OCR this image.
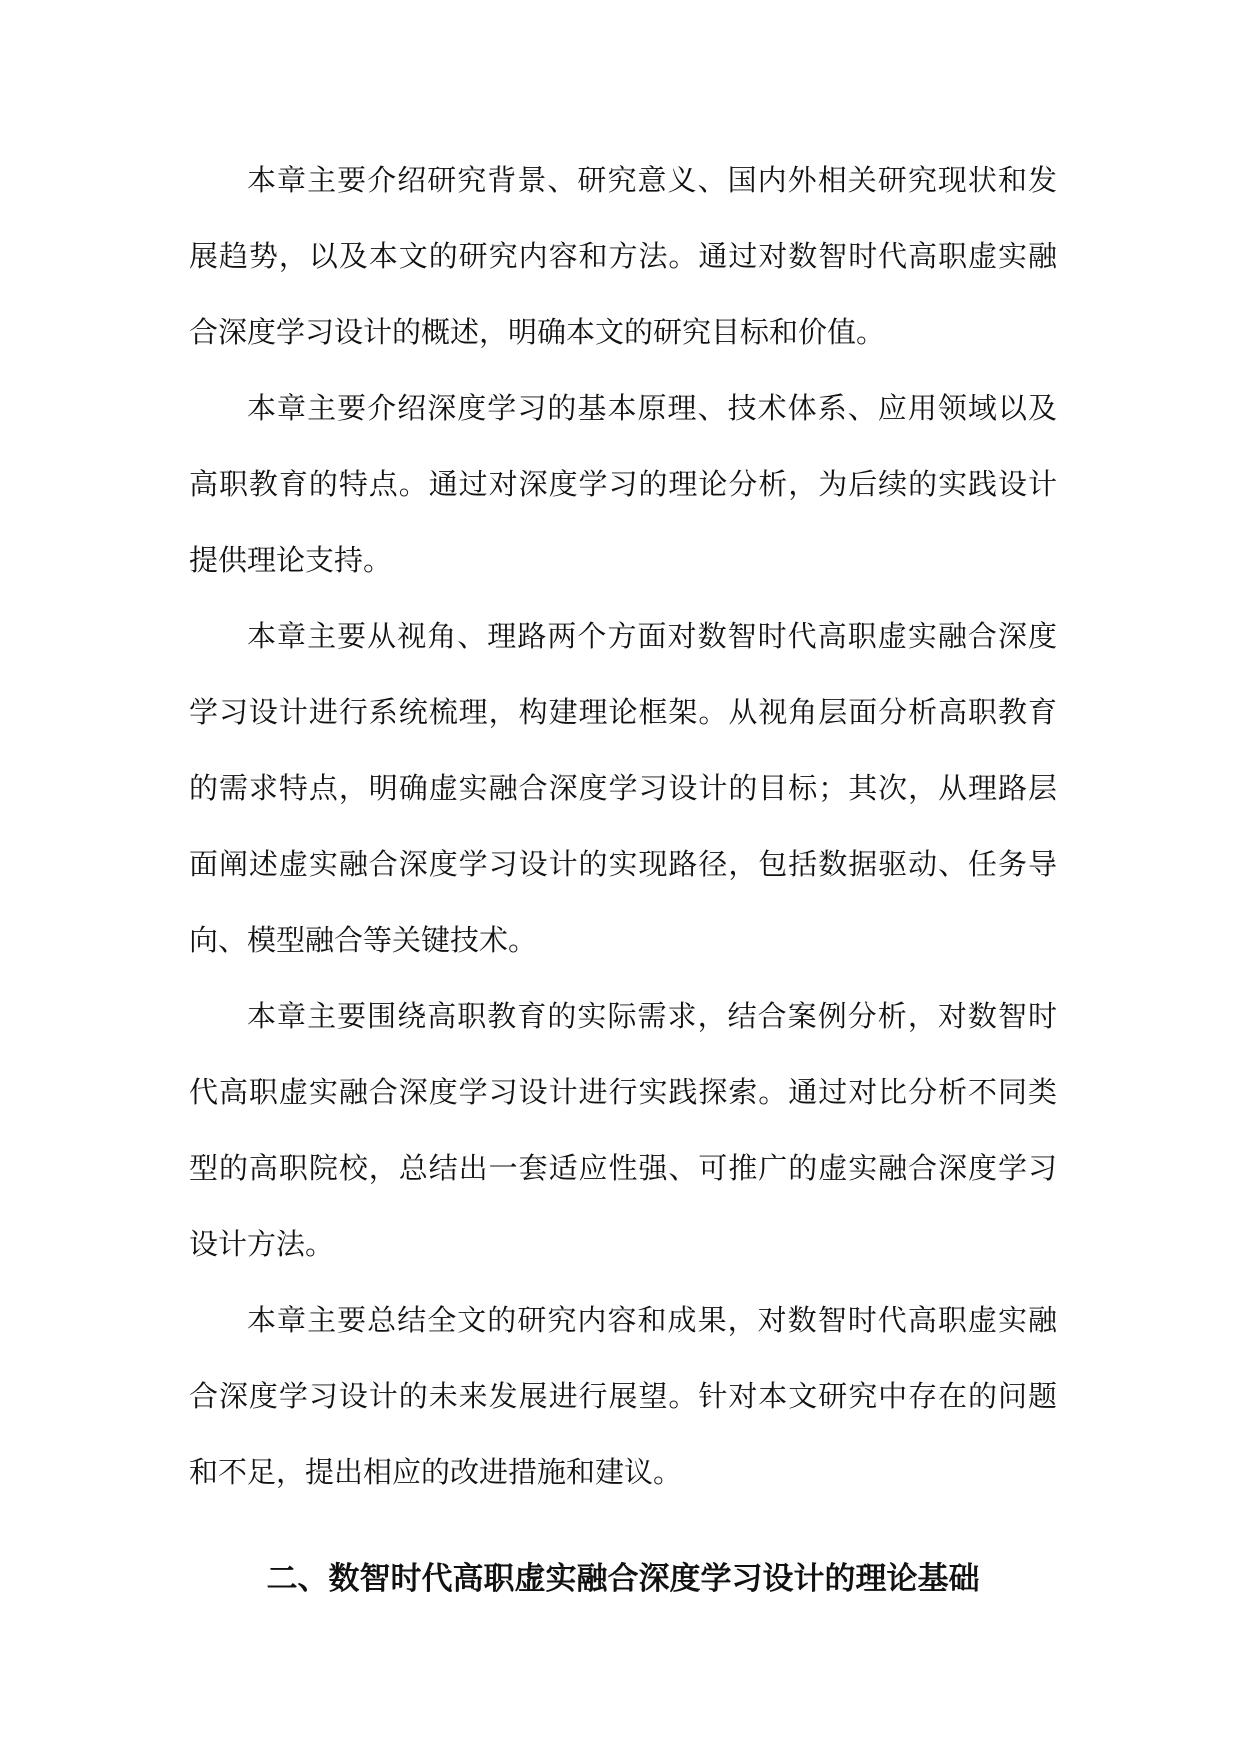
本章主要介绍研究背景、研究意义、国内外相关研究现状和发展趋势，以及本文的研究内容和方法。通过对数智时代高职虚实融合深度学习设计的概述，明确本文的研究目标和价值。

本章主要介绍深度学习的基本原理、技术体系、应用领域以及高职教育的特点。通过对深度学习的理论分析，为后续的实践设计提供理论支持。

本章主要从视角、理路两个方面对数智时代高职虚实融合深度学习设计进行系统梳理，构建理论框架。从视角层面分析高职教育的需求特点，明确虚实融合深度学习设计的目标；其次，从理路层面阐述虚实融合深度学习设计的实现路径，包括数据驱动、任务导向、模型融合等关键技术。

本章主要围绕高职教育的实际需求，结合案例分析，对数智时代高职虚实融合深度学习设计进行实践探索。通过对比分析不同类型的高职院校，总结出一套适应性强、可推广的虚实融合深度学习设计方法。

本章主要总结全文的研究内容和成果，对数智时代高职虚实融合深度学习设计的未来发展进行展望。针对本文研究中存在的问题和不足，提出相应的改进措施和建议。

二、数智时代高职虚实融合深度学习设计的理论基础
